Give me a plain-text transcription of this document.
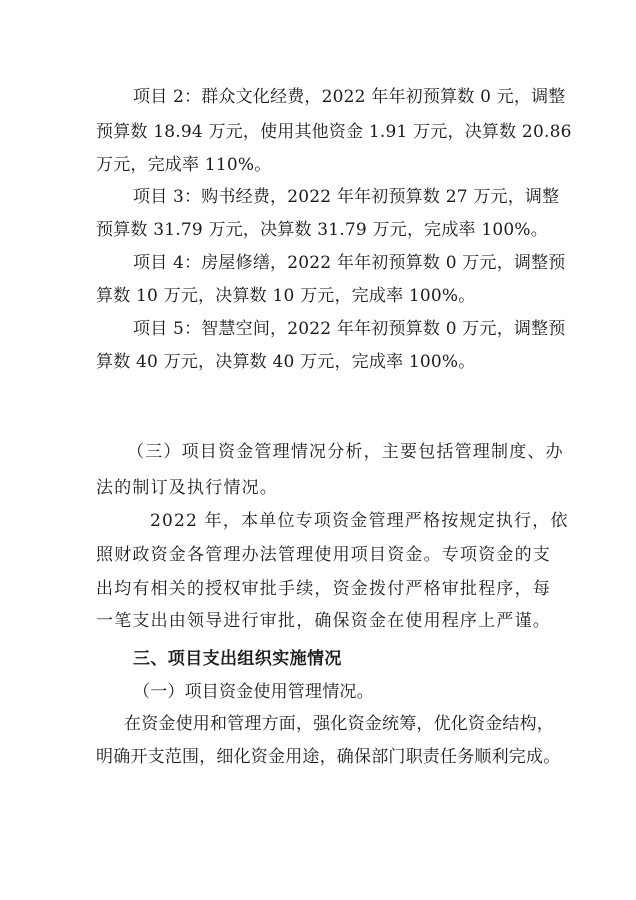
项目 2：群众文化经费，2022 年年初预算数 0 元，调整
预算数 18.94 万元，使用其他资金 1.91 万元，决算数 20.86
万元，完成率 110%。
项目 3：购书经费，2022 年年初预算数 27 万元，调整
预算数 31.79 万元，决算数 31.79 万元，完成率 100%。
项目 4：房屋修缮，2022 年年初预算数 0 万元，调整预
算数 10 万元，决算数 10 万元，完成率 100%。
项目 5：智慧空间，2022 年年初预算数 0 万元，调整预
算数 40 万元，决算数 40 万元，完成率 100%。
（三）项目资金管理情况分析，主要包括管理制度、办
法的制订及执行情况。
2022 年，本单位专项资金管理严格按规定执行，依
照财政资金各管理办法管理使用项目资金。专项资金的支
出均有相关的授权审批手续，资金拨付严格审批程序，每
一笔支出由领导进行审批，确保资金在使用程序上严谨。
三、项目支出组织实施情况
（一）项目资金使用管理情况。
在资金使用和管理方面，强化资金统筹，优化资金结构，
明确开支范围，细化资金用途，确保部门职责任务顺利完成。
